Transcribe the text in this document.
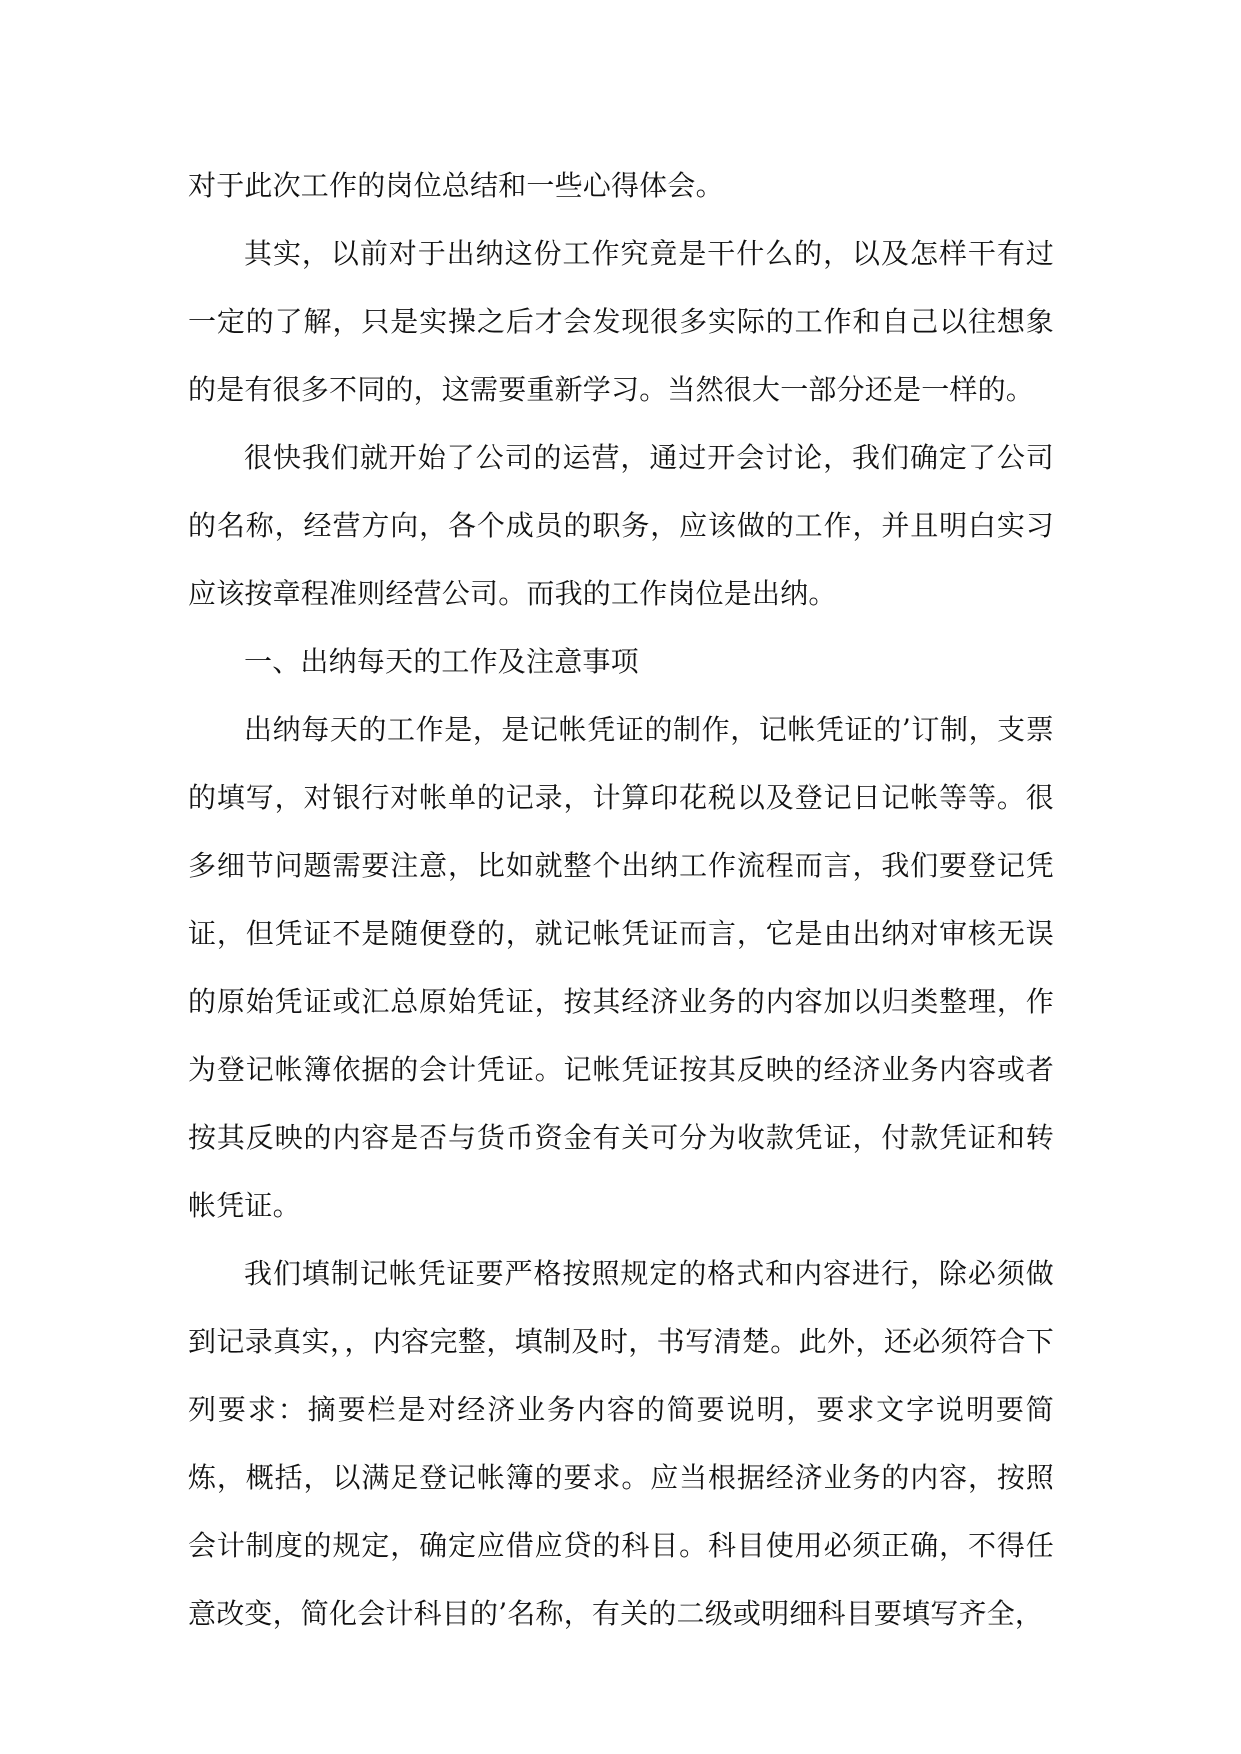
对于此次工作的岗位总结和一些心得体会。

其实，以前对于出纳这份工作究竟是干什么的，以及怎样干有过一定的了解，只是实操之后才会发现很多实际的工作和自己以往想象的是有很多不同的，这需要重新学习。当然很大一部分还是一样的。

很快我们就开始了公司的运营，通过开会讨论，我们确定了公司的名称，经营方向，各个成员的职务，应该做的工作，并且明白实习应该按章程准则经营公司。而我的工作岗位是出纳。

一、出纳每天的工作及注意事项

出纳每天的工作是，是记帐凭证的制作，记帐凭证的’订制，支票的填写，对银行对帐单的记录，计算印花税以及登记日记帐等等。很多细节问题需要注意，比如就整个出纳工作流程而言，我们要登记凭证，但凭证不是随便登的，就记帐凭证而言，它是由出纳对审核无误的原始凭证或汇总原始凭证，按其经济业务的内容加以归类整理，作为登记帐簿依据的会计凭证。记帐凭证按其反映的经济业务内容或者按其反映的内容是否与货币资金有关可分为收款凭证，付款凭证和转帐凭证。

我们填制记帐凭证要严格按照规定的格式和内容进行，除必须做到记录真实，，内容完整，填制及时，书写清楚。此外，还必须符合下列要求：摘要栏是对经济业务内容的简要说明，要求文字说明要简炼，概括，以满足登记帐簿的要求。应当根据经济业务的内容，按照会计制度的规定，确定应借应贷的科目。科目使用必须正确，不得任意改变，简化会计科目的’名称，有关的二级或明细科目要填写齐全，
